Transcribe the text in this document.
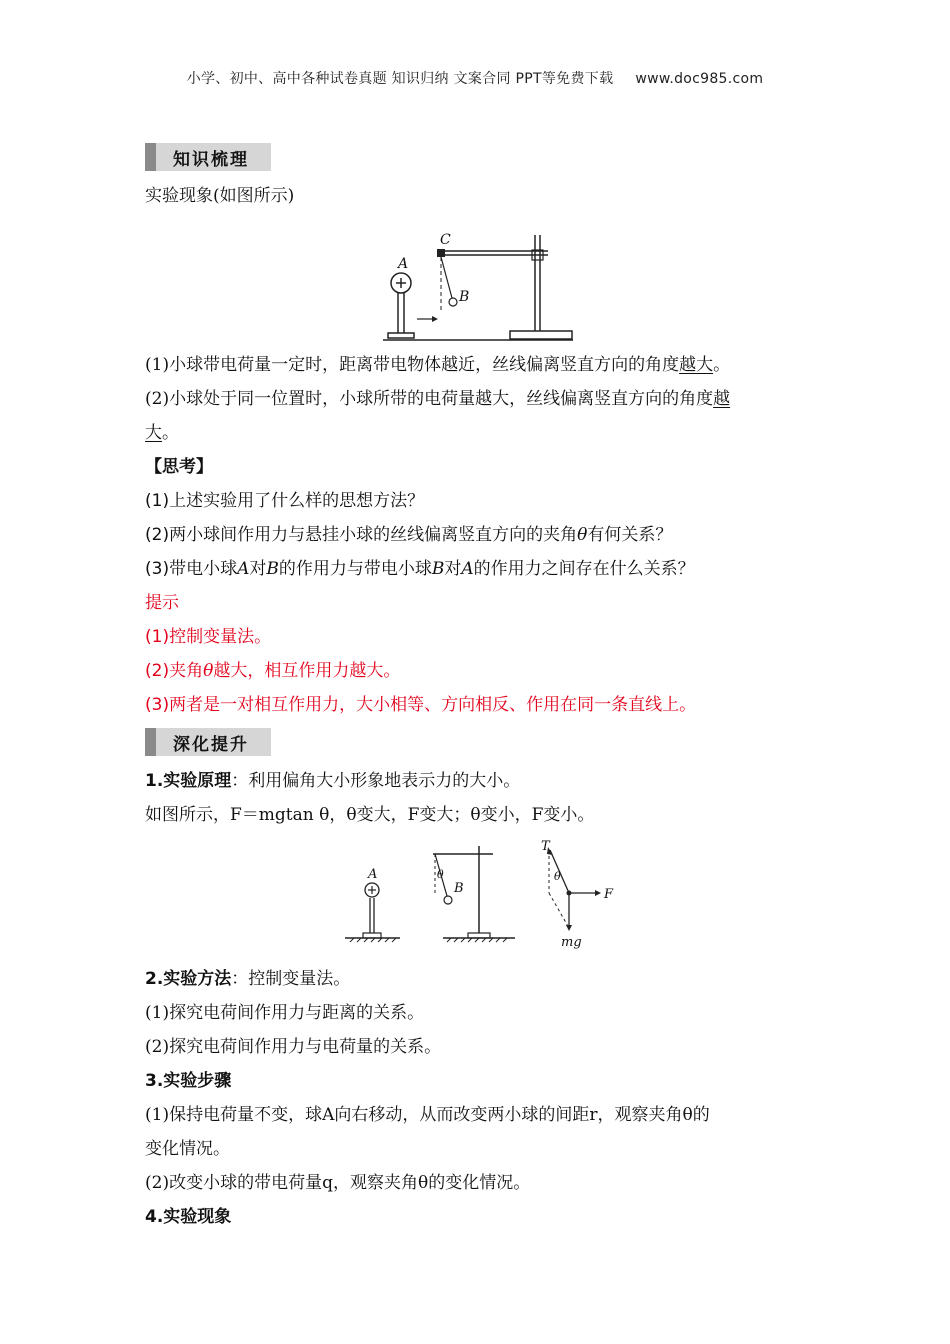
小学、初中、高中各种试卷真题 知识归纳 文案合同 PPT等免费下载 www.doc985.com
知识梳理

实验现象(如图所示)

A
C
B

(1)小球带电荷量一定时，距离带电物体越近，丝线偏离竖直方向的角度越大。

(2)小球处于同一位置时，小球所带的电荷量越大，丝线偏离竖直方向的角度越

大。

【思考】

(1)上述实验用了什么样的思想方法？

(2)两小球间作用力与悬挂小球的丝线偏离竖直方向的夹角θ有何关系？

(3)带电小球A对B的作用力与带电小球B对A的作用力之间存在什么关系？

提示

(1)控制变量法。

(2)夹角θ越大，相互作用力越大。

(3)两者是一对相互作用力，大小相等、方向相反、作用在同一条直线上。

深化提升

1.实验原理：利用偏角大小形象地表示力的大小。

如图所示，F＝mgtan θ，θ变大，F变大；θ变小，F变小。

A	θ
B
T
θ
F
mg

2.实验方法：控制变量法。

(1)探究电荷间作用力与距离的关系。

(2)探究电荷间作用力与电荷量的关系。

3.实验步骤

(1)保持电荷量不变，球A向右移动，从而改变两小球的间距r，观察夹角θ的

变化情况。

(2)改变小球的带电荷量q，观察夹角θ的变化情况。

4.实验现象
